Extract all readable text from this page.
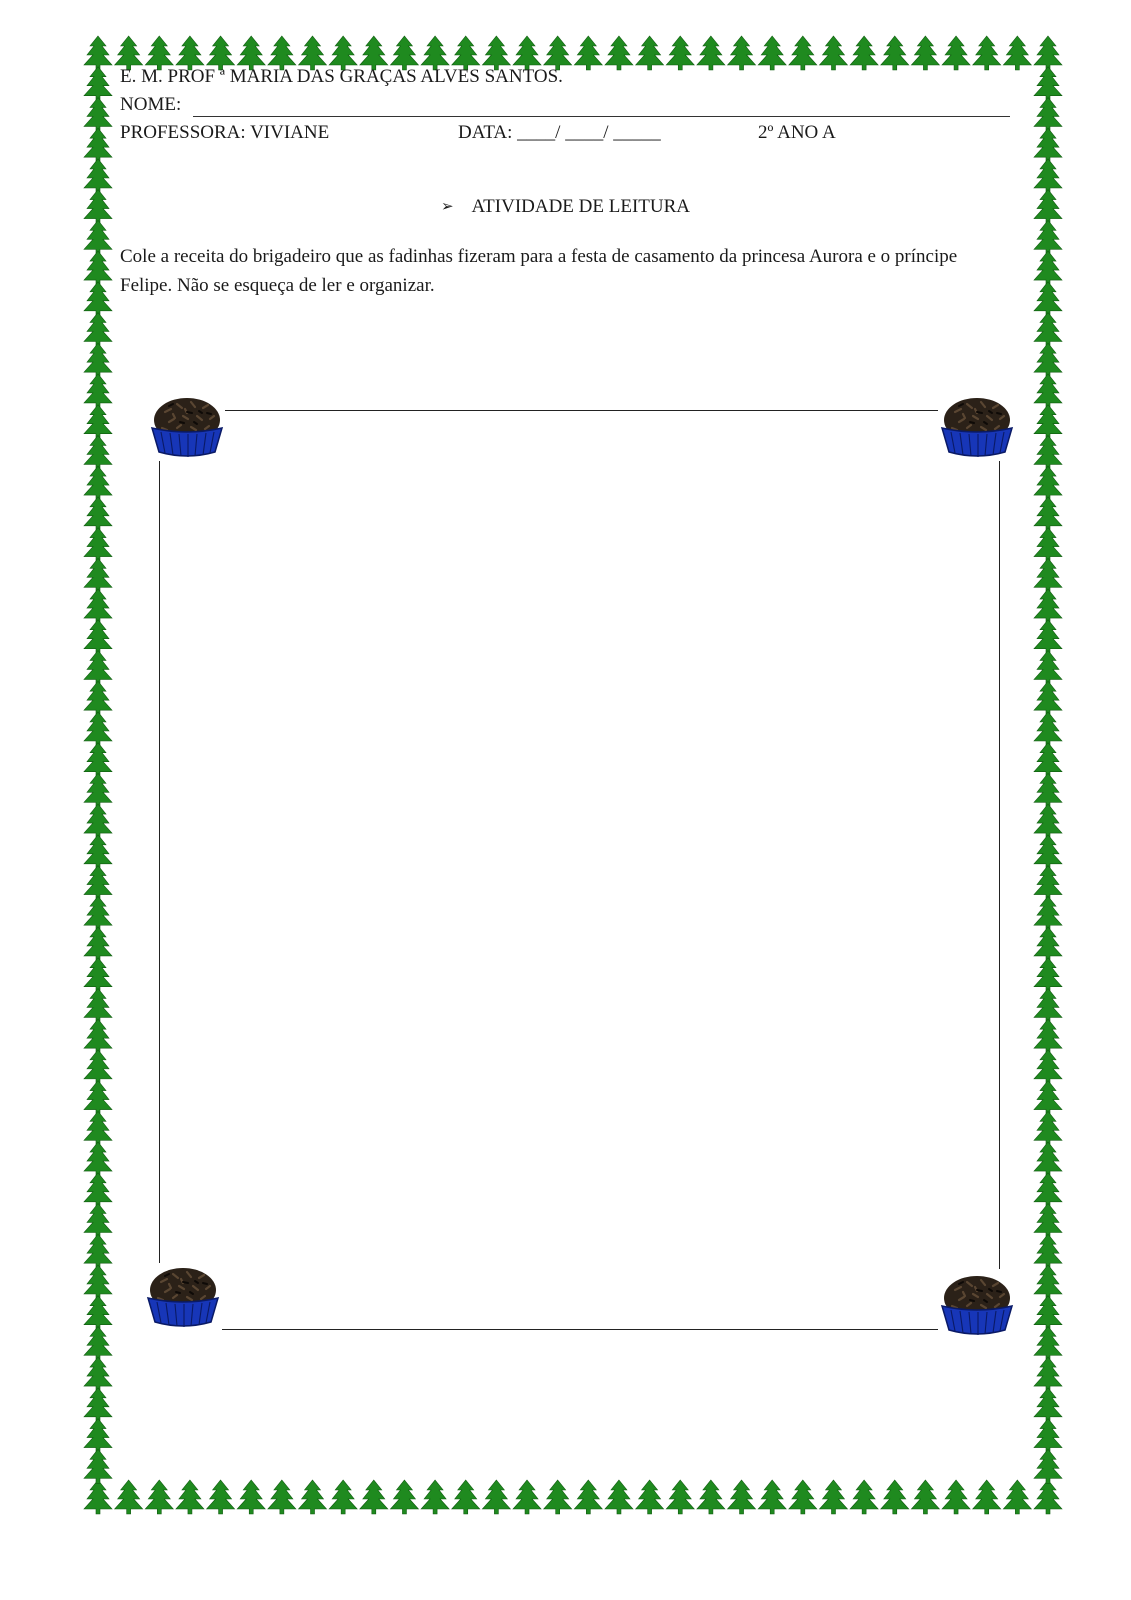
E. M. PROF ª MARIA DAS GRAÇAS ALVES SANTOS.
NOME:
PROFESSORA: VIVIANE	DATA: ____/ ____/ _____	2º ANO A
➢ ATIVIDADE DE LEITURA
Cole a receita do brigadeiro que as fadinhas fizeram para a festa de casamento da princesa Aurora e o príncipe Felipe. Não se esqueça de ler e organizar.
